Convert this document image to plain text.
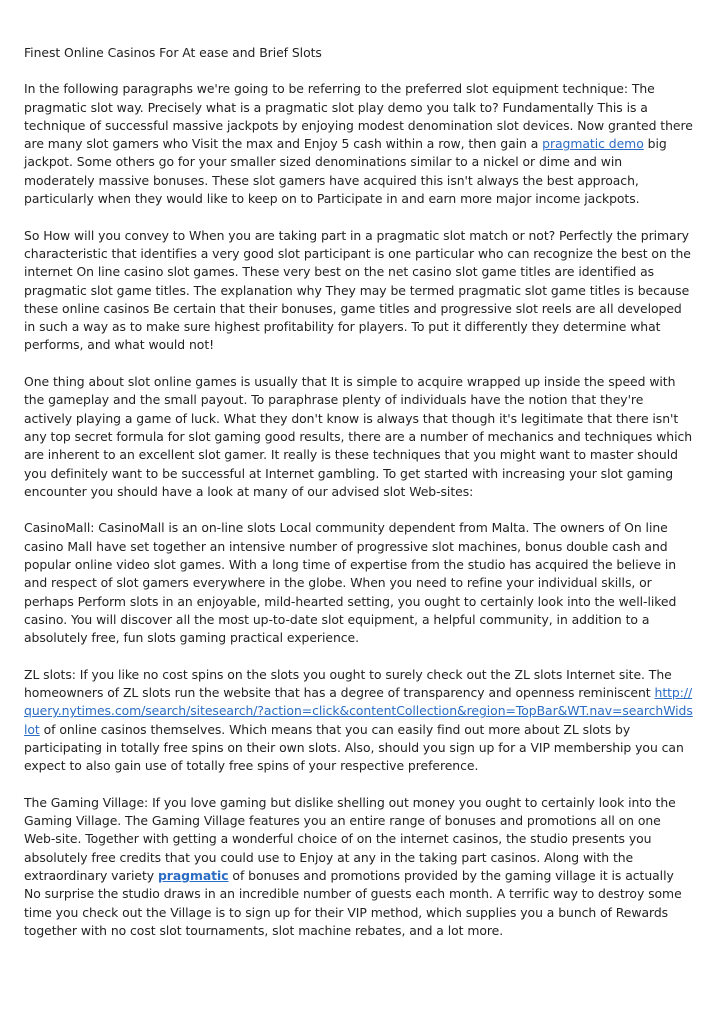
Finest Online Casinos For At ease and Brief Slots

In the following paragraphs we're going to be referring to the preferred slot equipment technique: The pragmatic slot way. Precisely what is a pragmatic slot play demo you talk to? Fundamentally This is a technique of successful massive jackpots by enjoying modest denomination slot devices. Now granted there are many slot gamers who Visit the max and Enjoy 5 cash within a row, then gain a pragmatic demo big jackpot. Some others go for your smaller sized denominations similar to a nickel or dime and win moderately massive bonuses. These slot gamers have acquired this isn't always the best approach, particularly when they would like to keep on to Participate in and earn more major income jackpots.

So How will you convey to When you are taking part in a pragmatic slot match or not? Perfectly the primary characteristic that identifies a very good slot participant is one particular who can recognize the best on the internet On line casino slot games. These very best on the net casino slot game titles are identified as pragmatic slot game titles. The explanation why They may be termed pragmatic slot game titles is because these online casinos Be certain that their bonuses, game titles and progressive slot reels are all developed in such a way as to make sure highest profitability for players. To put it differently they determine what performs, and what would not!

One thing about slot online games is usually that It is simple to acquire wrapped up inside the speed with the gameplay and the small payout. To paraphrase plenty of individuals have the notion that they're actively playing a game of luck. What they don't know is always that though it's legitimate that there isn't any top secret formula for slot gaming good results, there are a number of mechanics and techniques which are inherent to an excellent slot gamer. It really is these techniques that you might want to master should you definitely want to be successful at Internet gambling. To get started with increasing your slot gaming encounter you should have a look at many of our advised slot Web-sites:

CasinoMall: CasinoMall is an on-line slots Local community dependent from Malta. The owners of On line casino Mall have set together an intensive number of progressive slot machines, bonus double cash and popular online video slot games. With a long time of expertise from the studio has acquired the believe in and respect of slot gamers everywhere in the globe. When you need to refine your individual skills, or perhaps Perform slots in an enjoyable, mild-hearted setting, you ought to certainly look into the well-liked casino. You will discover all the most up-to-date slot equipment, a helpful community, in addition to a absolutely free, fun slots gaming practical experience.

ZL slots: If you like no cost spins on the slots you ought to surely check out the ZL slots Internet site. The homeowners of ZL slots run the website that has a degree of transparency and openness reminiscent http://query.nytimes.com/search/sitesearch/?action=click&contentCollection&region=TopBar&WT.nav=searchWidslot of online casinos themselves. Which means that you can easily find out more about ZL slots by participating in totally free spins on their own slots. Also, should you sign up for a VIP membership you can expect to also gain use of totally free spins of your respective preference.

The Gaming Village: If you love gaming but dislike shelling out money you ought to certainly look into the Gaming Village. The Gaming Village features you an entire range of bonuses and promotions all on one Web-site. Together with getting a wonderful choice of on the internet casinos, the studio presents you absolutely free credits that you could use to Enjoy at any in the taking part casinos. Along with the extraordinary variety pragmatic of bonuses and promotions provided by the gaming village it is actually No surprise the studio draws in an incredible number of guests each month. A terrific way to destroy some time you check out the Village is to sign up for their VIP method, which supplies you a bunch of Rewards together with no cost slot tournaments, slot machine rebates, and a lot more.
